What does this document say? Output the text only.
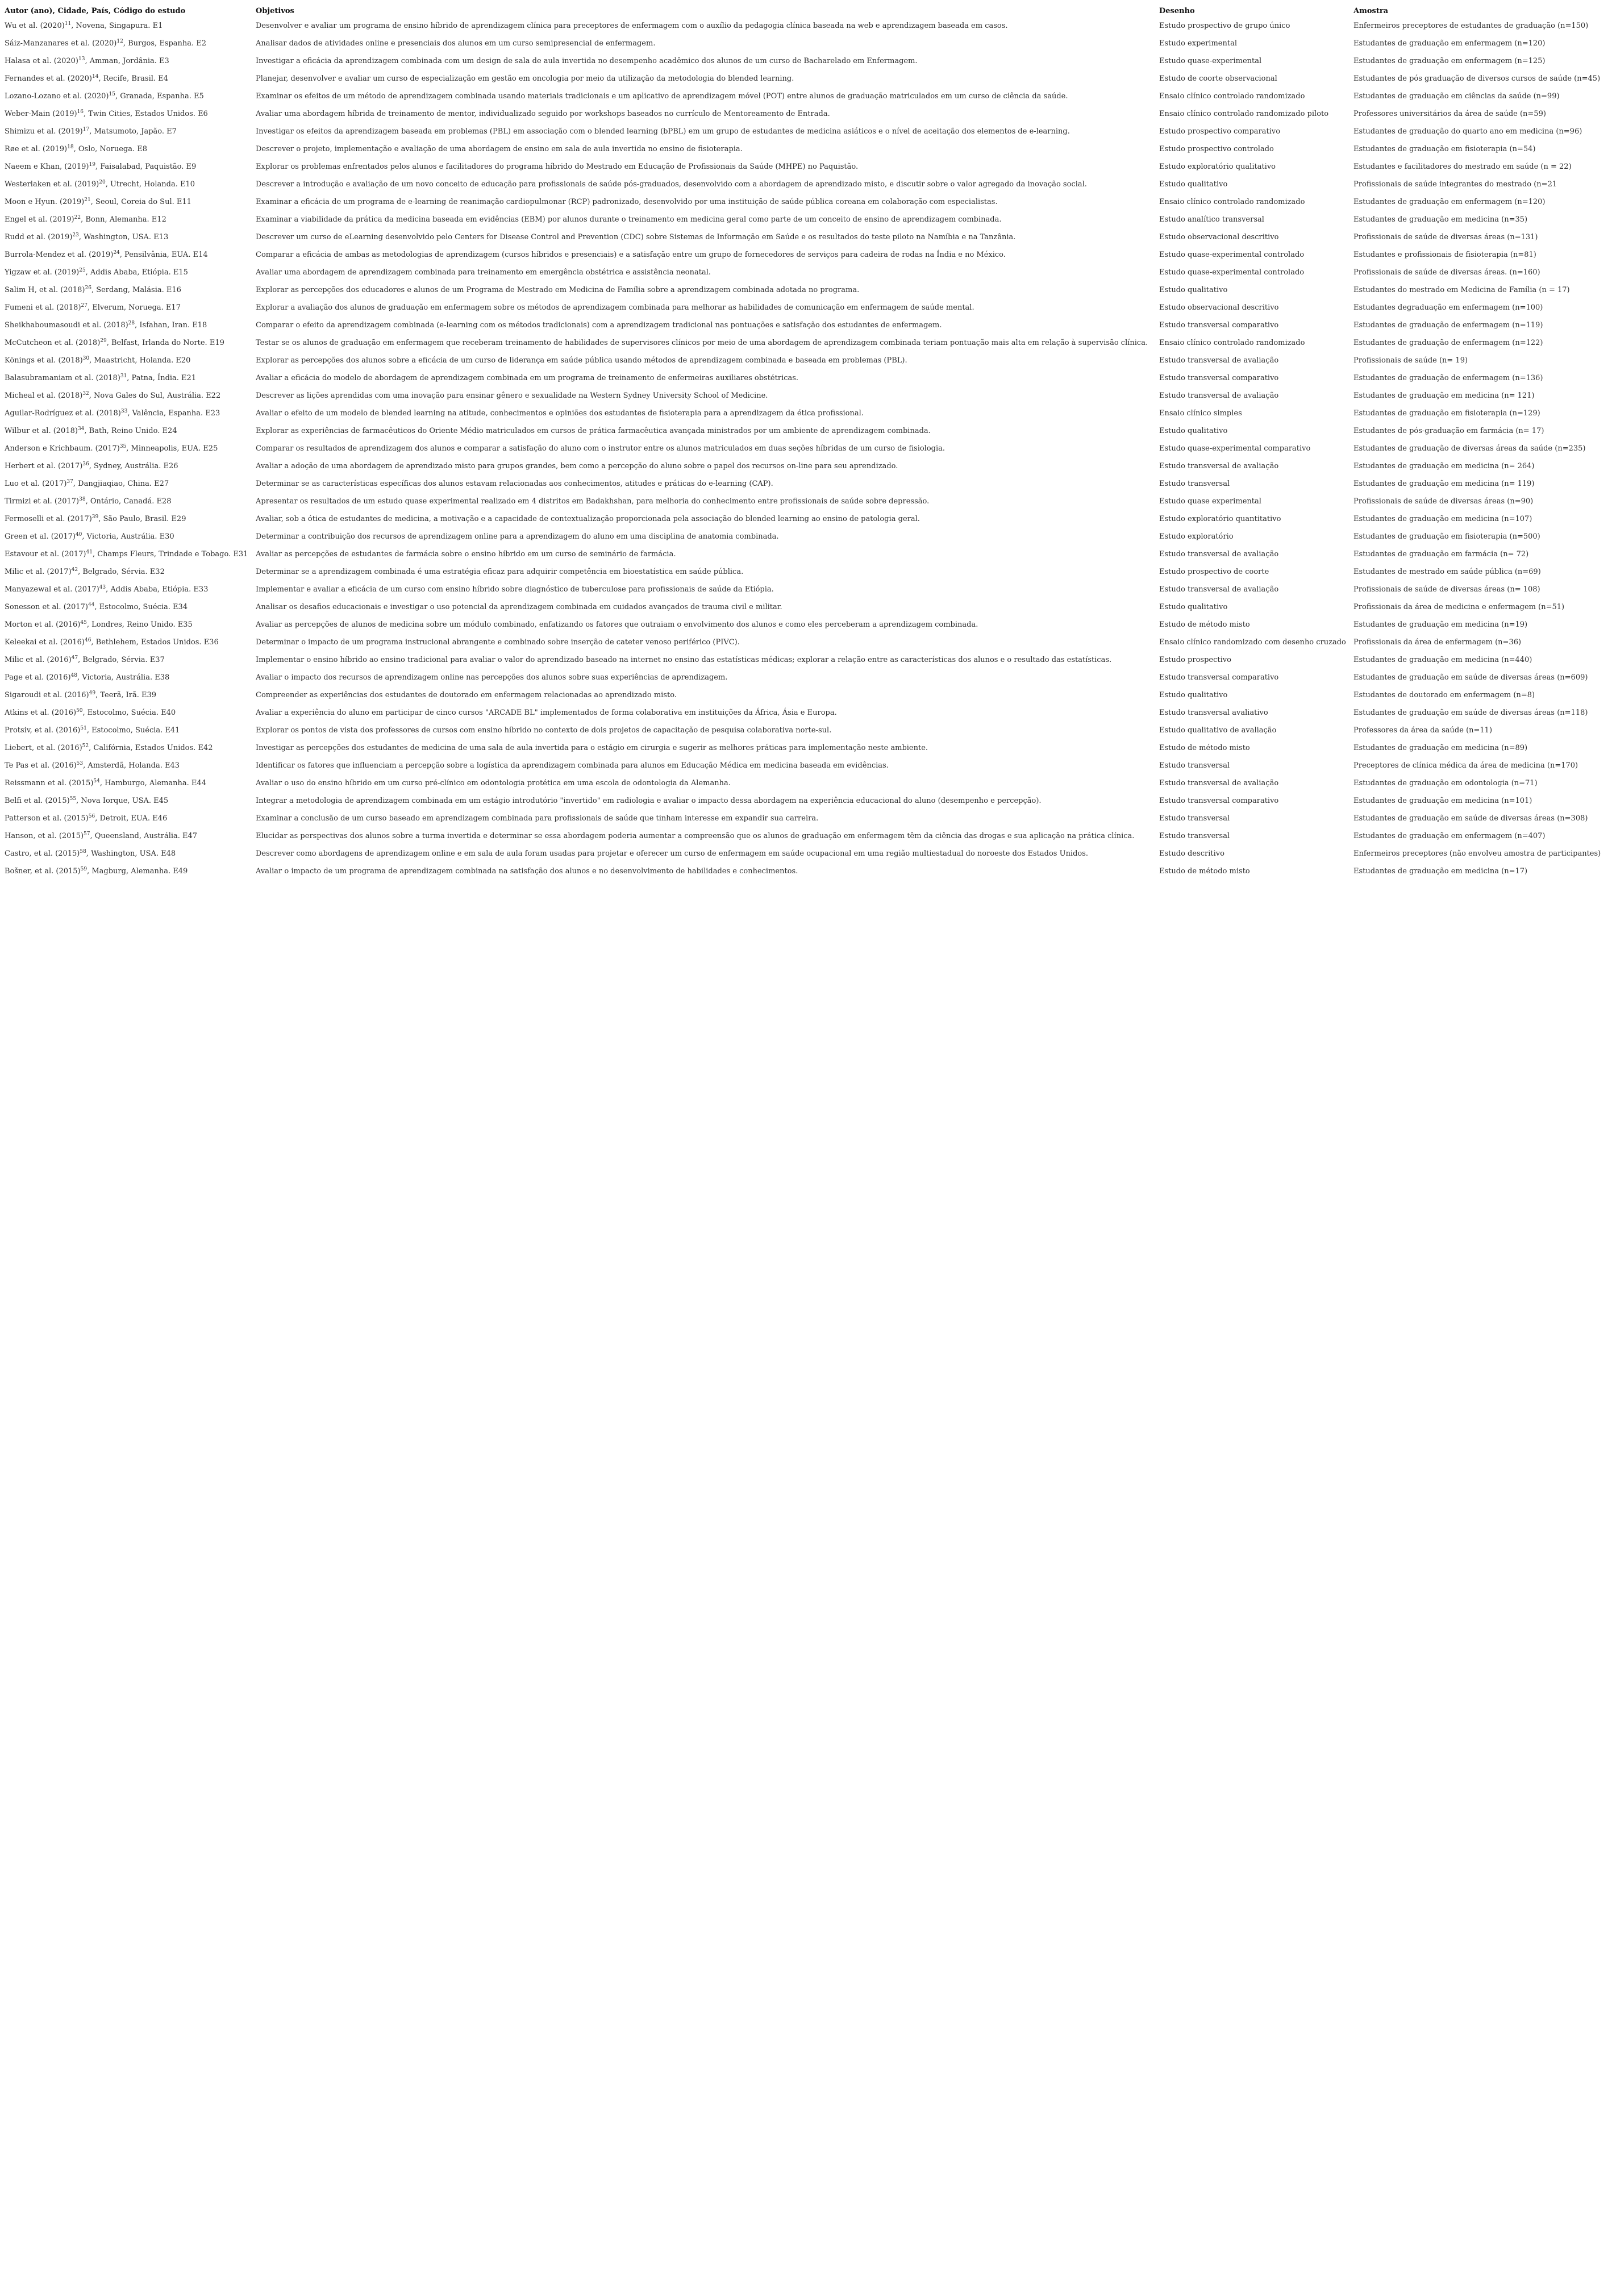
Autor (ano), Cidade, País, Código do estudo	Objetivos	Desenho	Amostra
Wu et al. $(2020)^{11}$, Novena, Singapura. E1	Desenvolver e avaliar um programa de ensino híbrido de aprendizagem clínica para preceptores de enfermagem com o auxílio da pedagogia clínica baseada na web e aprendizagem baseada em casos.	Estudo prospectivo de grupo único	Enfermeiros preceptores de estudantes de graduação (n=150)
Sáiz-Manzanares et al. $(2020)^{12}$, Burgos, Espanha. E2	Analisar dados de atividades online e presenciais dos alunos em um curso semipresencial de enfermagem.	Estudo experimental	Estudantes de graduação em enfermagem (n=120)
Halasa et al. $(2020)^{13}$, Amman, Jordânia. E3	Investigar a eficácia da aprendizagem combinada com um design de sala de aula invertida no desempenho acadêmico dos alunos de um curso de Bacharelado em Enfermagem.	Estudo quase-experimental	Estudantes de graduação em enfermagem (n=125)
Fernandes et al. $(2020)^{14}$, Recife, Brasil. E4	Planejar, desenvolver e avaliar um curso de especialização em gestão em oncologia por meio da utilização da metodologia do blended learning.	Estudo de coorte observacional	Estudantes de pós graduação de diversos cursos de saúde (n=45)
Lozano-Lozano et al. $(2020)^{15}$, Granada, Espanha. E5	Examinar os efeitos de um método de aprendizagem combinada usando materiais tradicionais e um aplicativo de aprendizagem móvel (POT) entre alunos de graduação matriculados em um curso de ciência da saúde.	Ensaio clínico controlado randomizado	Estudantes de graduação em ciências da saúde (n=99)
Weber-Main $(2019)^{16}$, Twin Cities, Estados Unidos. E6	Avaliar uma abordagem híbrida de treinamento de mentor, individualizado seguido por workshops baseados no currículo de Mentoreamento de Entrada.	Ensaio clínico controlado randomizado piloto	Professores universitários da área de saúde (n=59)
Shimizu et al. $(2019)^{17}$, Matsumoto, Japão. E7	Investigar os efeitos da aprendizagem baseada em problemas (PBL) em associação com o blended learning (bPBL) em um grupo de estudantes de medicina asiáticos e o nível de aceitação dos elementos de e-learning.	Estudo prospectivo comparativo	Estudantes de graduação do quarto ano em medicina (n=96)
Røe et al. $(2019)^{18}$, Oslo, Noruega. E8	Descrever o projeto, implementação e avaliação de uma abordagem de ensino em sala de aula invertida no ensino de fisioterapia.	Estudo prospectivo controlado	Estudantes de graduação em fisioterapia (n=54)
Naeem e Khan, $(2019)^{19}$, Faisalabad, Paquistão. E9	Explorar os problemas enfrentados pelos alunos e facilitadores do programa híbrido do Mestrado em Educação de Profissionais da Saúde (MHPE) no Paquistão.	Estudo exploratório qualitativo	Estudantes e facilitadores do mestrado em saúde (n = 22)
Westerlaken et al. $(2019)^{20}$, Utrecht, Holanda. E10	Descrever a introdução e avaliação de um novo conceito de educação para profissionais de saúde pós-graduados, desenvolvido com a abordagem de aprendizado misto, e discutir sobre o valor agregado da inovação social.	Estudo qualitativo	Profissionais de saúde integrantes do mestrado (n=21
Moon e Hyun. $(2019)^{21}$, Seoul, Coreia do Sul. E11	Examinar a eficácia de um programa de e-learning de reanimação cardiopulmonar (RCP) padronizado, desenvolvido por uma instituição de saúde pública coreana em colaboração com especialistas.	Ensaio clínico controlado randomizado	Estudantes de graduação em enfermagem (n=120)
Engel et al. $(2019)^{22}$, Bonn, Alemanha. E12	Examinar a viabilidade da prática da medicina baseada em evidências (EBM) por alunos durante o treinamento em medicina geral como parte de um conceito de ensino de aprendizagem combinada.	Estudo analítico transversal	Estudantes de graduação em medicina (n=35)
Rudd et al. $(2019)^{23}$, Washington, USA. E13	Descrever um curso de eLearning desenvolvido pelo Centers for Disease Control and Prevention (CDC) sobre Sistemas de Informação em Saúde e os resultados do teste piloto na Namíbia e na Tanzânia.	Estudo observacional descritivo	Profissionais de saúde de diversas áreas (n=131)
Burrola-Mendez et al. $(2019)^{24}$, Pensilvânia, EUA. E14	Comparar a eficácia de ambas as metodologias de aprendizagem (cursos híbridos e presenciais) e a satisfação entre um grupo de fornecedores de serviços para cadeira de rodas na Índia e no México.	Estudo quase-experimental controlado	Estudantes e profissionais de fisioterapia (n=81)
Yigzaw et al. $(2019)^{25}$, Addis Ababa, Etiópia. E15	Avaliar uma abordagem de aprendizagem combinada para treinamento em emergência obstétrica e assistência neonatal.	Estudo quase-experimental controlado	Profissionais de saúde de diversas áreas. (n=160)
Salim H, et al. $(2018)^{26}$, Serdang, Malásia. E16	Explorar as percepções dos educadores e alunos de um Programa de Mestrado em Medicina de Família sobre a aprendizagem combinada adotada no programa.	Estudo qualitativo	Estudantes do mestrado em Medicina de Família (n = 17)
Fumeni et al. $(2018)^{27}$, Elverum, Noruega. E17	Explorar a avaliação dos alunos de graduação em enfermagem sobre os métodos de aprendizagem combinada para melhorar as habilidades de comunicação em enfermagem de saúde mental.	Estudo observacional descritivo	Estudantes degraduação em enfermagem (n=100)
Sheikhaboumasoudi et al. $(2018)^{28}$, Isfahan, Iran. E18	Comparar o efeito da aprendizagem combinada (e-learning com os métodos tradicionais) com a aprendizagem tradicional nas pontuações e satisfação dos estudantes de enfermagem.	Estudo transversal comparativo	Estudantes de graduação de enfermagem (n=119)
McCutcheon et al. $(2018)^{29}$, Belfast, Irlanda do Norte. E19	Testar se os alunos de graduação em enfermagem que receberam treinamento de habilidades de supervisores clínicos por meio de uma abordagem de aprendizagem combinada teriam pontuação mais alta em relação à supervisão clínica.	Ensaio clínico controlado randomizado	Estudantes de graduação de enfermagem (n=122)
Könings et al. $(2018)^{30}$, Maastricht, Holanda. E20	Explorar as percepções dos alunos sobre a eficácia de um curso de liderança em saúde pública usando métodos de aprendizagem combinada e baseada em problemas (PBL).	Estudo transversal de avaliação	Profissionais de saúde (n= 19)
Balasubramaniam et al. $(2018)^{31}$, Patna, Índia. E21	Avaliar a eficácia do modelo de abordagem de aprendizagem combinada em um programa de treinamento de enfermeiras auxiliares obstétricas.	Estudo transversal comparativo	Estudantes de graduação de enfermagem (n=136)
Micheal et al. $(2018)^{32}$, Nova Gales do Sul, Austrália. E22	Descrever as lições aprendidas com uma inovação para ensinar gênero e sexualidade na Western Sydney University School of Medicine.	Estudo transversal de avaliação	Estudantes de graduação em medicina (n= 121)
Aguilar-Rodríguez et al. $(2018)^{33}$, Valência, Espanha. E23	Avaliar o efeito de um modelo de blended learning na atitude, conhecimentos e opiniões dos estudantes de fisioterapia para a aprendizagem da ética profissional.	Ensaio clínico simples	Estudantes de graduação em fisioterapia (n=129)
Wilbur et al. $(2018)^{34}$, Bath, Reino Unido. E24	Explorar as experiências de farmacêuticos do Oriente Médio matriculados em cursos de prática farmacêutica avançada ministrados por um ambiente de aprendizagem combinada.	Estudo qualitativo	Estudantes de pós-graduação em farmácia (n= 17)
Anderson e Krichbaum. $(2017)^{35}$, Minneapolis, EUA. E25	Comparar os resultados de aprendizagem dos alunos e comparar a satisfação do aluno com o instrutor entre os alunos matriculados em duas seções híbridas de um curso de fisiologia.	Estudo quase-experimental comparativo	Estudantes de graduação de diversas áreas da saúde (n=235)
Herbert et al. $(2017)^{36}$, Sydney, Austrália. E26	Avaliar a adoção de uma abordagem de aprendizado misto para grupos grandes, bem como a percepção do aluno sobre o papel dos recursos on-line para seu aprendizado.	Estudo transversal de avaliação	Estudantes de graduação em medicina (n= 264)
Luo et al. $(2017)^{37}$, Dangjiaqiao, China. E27	Determinar se as características específicas dos alunos estavam relacionadas aos conhecimentos, atitudes e práticas do e-learning (CAP).	Estudo transversal	Estudantes de graduação em medicina (n= 119)
Tirmizi et al. $(2017)^{38}$, Ontário, Canadá. E28	Apresentar os resultados de um estudo quase experimental realizado em 4 distritos em Badakhshan, para melhoria do conhecimento entre profissionais de saúde sobre depressão.	Estudo quase experimental	Profissionais de saúde de diversas áreas (n=90)
Fermoselli et al. $(2017)^{39}$, São Paulo, Brasil. E29	Avaliar, sob a ótica de estudantes de medicina, a motivação e a capacidade de contextualização proporcionada pela associação do blended learning ao ensino de patologia geral.	Estudo exploratório quantitativo	Estudantes de graduação em medicina (n=107)
Green et al. $(2017)^{40}$, Victoria, Austrália. E30	Determinar a contribuição dos recursos de aprendizagem online para a aprendizagem do aluno em uma disciplina de anatomia combinada.	Estudo exploratório	Estudantes de graduação em fisioterapia (n=500)
Estavour et al. $(2017)^{41}$, Champs Fleurs, Trindade e Tobago. E31	Avaliar as percepções de estudantes de farmácia sobre o ensino híbrido em um curso de seminário de farmácia.	Estudo transversal de avaliação	Estudantes de graduação em farmácia (n= 72)
Milic et al. $(2017)^{42}$, Belgrado, Sérvia. E32	Determinar se a aprendizagem combinada é uma estratégia eficaz para adquirir competência em bioestatística em saúde pública.	Estudo prospectivo de coorte	Estudantes de mestrado em saúde pública (n=69)
Manyazewal et al. $(2017)^{43}$, Addis Ababa, Etiópia. E33	Implementar e avaliar a eficácia de um curso com ensino híbrido sobre diagnóstico de tuberculose para profissionais de saúde da Etiópia.	Estudo transversal de avaliação	Profissionais de saúde de diversas áreas (n= 108)
Sonesson et al. $(2017)^{44}$, Estocolmo, Suécia. E34	Analisar os desafios educacionais e investigar o uso potencial da aprendizagem combinada em cuidados avançados de trauma civil e militar.	Estudo qualitativo	Profissionais da área de medicina e enfermagem (n=51)
Morton et al. $(2016)^{45}$, Londres, Reino Unido. E35	Avaliar as percepções de alunos de medicina sobre um módulo combinado, enfatizando os fatores que outraiam o envolvimento dos alunos e como eles perceberam a aprendizagem combinada.	Estudo de método misto	Estudantes de graduação em medicina (n=19)
Keleekai et al. $(2016)^{46}$, Bethlehem, Estados Unidos. E36	Determinar o impacto de um programa instrucional abrangente e combinado sobre inserção de cateter venoso periférico (PIVC).	Ensaio clínico randomizado com desenho cruzado	Profissionais da área de enfermagem (n=36)
Milic et al. $(2016)^{47}$, Belgrado, Sérvia. E37	Implementar o ensino híbrido ao ensino tradicional para avaliar o valor do aprendizado baseado na internet no ensino das estatísticas médicas; explorar a relação entre as características dos alunos e o resultado das estatísticas.	Estudo prospectivo	Estudantes de graduação em medicina (n=440)
Page et al. $(2016)^{48}$, Victoria, Austrália. E38	Avaliar o impacto dos recursos de aprendizagem online nas percepções dos alunos sobre suas experiências de aprendizagem.	Estudo transversal comparativo	Estudantes de graduação em saúde de diversas áreas (n=609)
Sigaroudi et al. $(2016)^{49}$, Teerã, Irã. E39	Compreender as experiências dos estudantes de doutorado em enfermagem relacionadas ao aprendizado misto.	Estudo qualitativo	Estudantes de doutorado em enfermagem (n=8)
Atkins et al. $(2016)^{50}$, Estocolmo, Suécia. E40	Avaliar a experiência do aluno em participar de cinco cursos "ARCADE BL" implementados de forma colaborativa em instituições da África, Ásia e Europa.	Estudo transversal avaliativo	Estudantes de graduação em saúde de diversas áreas (n=118)
Protsiv, et al. $(2016)^{51}$, Estocolmo, Suécia. E41	Explorar os pontos de vista dos professores de cursos com ensino híbrido no contexto de dois projetos de capacitação de pesquisa colaborativa norte-sul.	Estudo qualitativo de avaliação	Professores da área da saúde (n=11)
Liebert, et al. $(2016)^{52}$, Califórnia, Estados Unidos. E42	Investigar as percepções dos estudantes de medicina de uma sala de aula invertida para o estágio em cirurgia e sugerir as melhores práticas para implementação neste ambiente.	Estudo de método misto	Estudantes de graduação em medicina (n=89)
Te Pas et al. $(2016)^{53}$, Amsterdã, Holanda. E43	Identificar os fatores que influenciam a percepção sobre a logística da aprendizagem combinada para alunos em Educação Médica em medicina baseada em evidências.	Estudo transversal	Preceptores de clínica médica da área de medicina (n=170)
Reissmann et al. $(2015)^{54}$, Hamburgo, Alemanha. E44	Avaliar o uso do ensino híbrido em um curso pré-clínico em odontologia protética em uma escola de odontologia da Alemanha.	Estudo transversal de avaliação	Estudantes de graduação em odontologia (n=71)
Belfi et al. $(2015)^{55}$, Nova Iorque, USA. E45	Integrar a metodologia de aprendizagem combinada em um estágio introdutório "invertido" em radiologia e avaliar o impacto dessa abordagem na experiência educacional do aluno (desempenho e percepção).	Estudo transversal comparativo	Estudantes de graduação em medicina (n=101)
Patterson et al. $(2015)^{56}$, Detroit, EUA. E46	Examinar a conclusão de um curso baseado em aprendizagem combinada para profissionais de saúde que tinham interesse em expandir sua carreira.	Estudo transversal	Estudantes de graduação em saúde de diversas áreas (n=308)
Hanson, et al. $(2015)^{57}$, Queensland, Austrália. E47	Elucidar as perspectivas dos alunos sobre a turma invertida e determinar se essa abordagem poderia aumentar a compreensão que os alunos de graduação em enfermagem têm da ciência das drogas e sua aplicação na prática clínica.	Estudo transversal	Estudantes de graduação em enfermagem (n=407)
Castro, et al. $(2015)^{58}$, Washington, USA. E48	Descrever como abordagens de aprendizagem online e em sala de aula foram usadas para projetar e oferecer um curso de enfermagem em saúde ocupacional em uma região multiestadual do noroeste dos Estados Unidos.	Estudo descritivo	Enfermeiros preceptores (não envolveu amostra de participantes)
Bošner, et al. $(2015)^{59}$, Magburg, Alemanha. E49	Avaliar o impacto de um programa de aprendizagem combinada na satisfação dos alunos e no desenvolvimento de habilidades e conhecimentos.	Estudo de método misto	Estudantes de graduação em medicina (n=17)
